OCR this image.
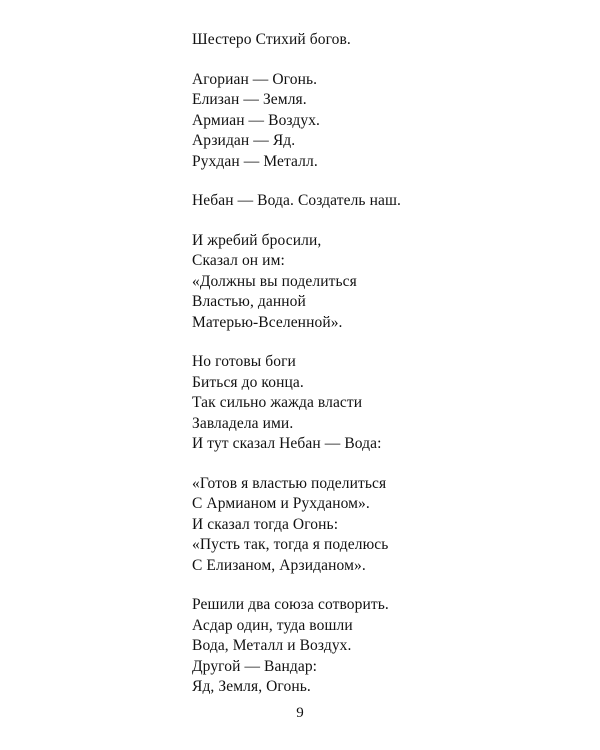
Шестеро Стихий богов.
Агориан — Огонь.
Елизан — Земля.
Армиан — Воздух.
Арзидан — Яд.
Рухдан — Металл.
Небан — Вода. Создатель наш.
И жребий бросили,
Сказал он им:
«Должны вы поделиться
Властью, данной
Матерью-Вселенной».
Но готовы боги
Биться до конца.
Так сильно жажда власти
Завладела ими.
И тут сказал Небан — Вода:
«Готов я властью поделиться
С Армианом и Рухданом».
И сказал тогда Огонь:
«Пусть так, тогда я поделюсь
С Елизаном, Арзиданом».
Решили два союза сотворить.
Асдар один, туда вошли
Вода, Металл и Воздух.
Другой — Вандар:
Яд, Земля, Огонь.
9
